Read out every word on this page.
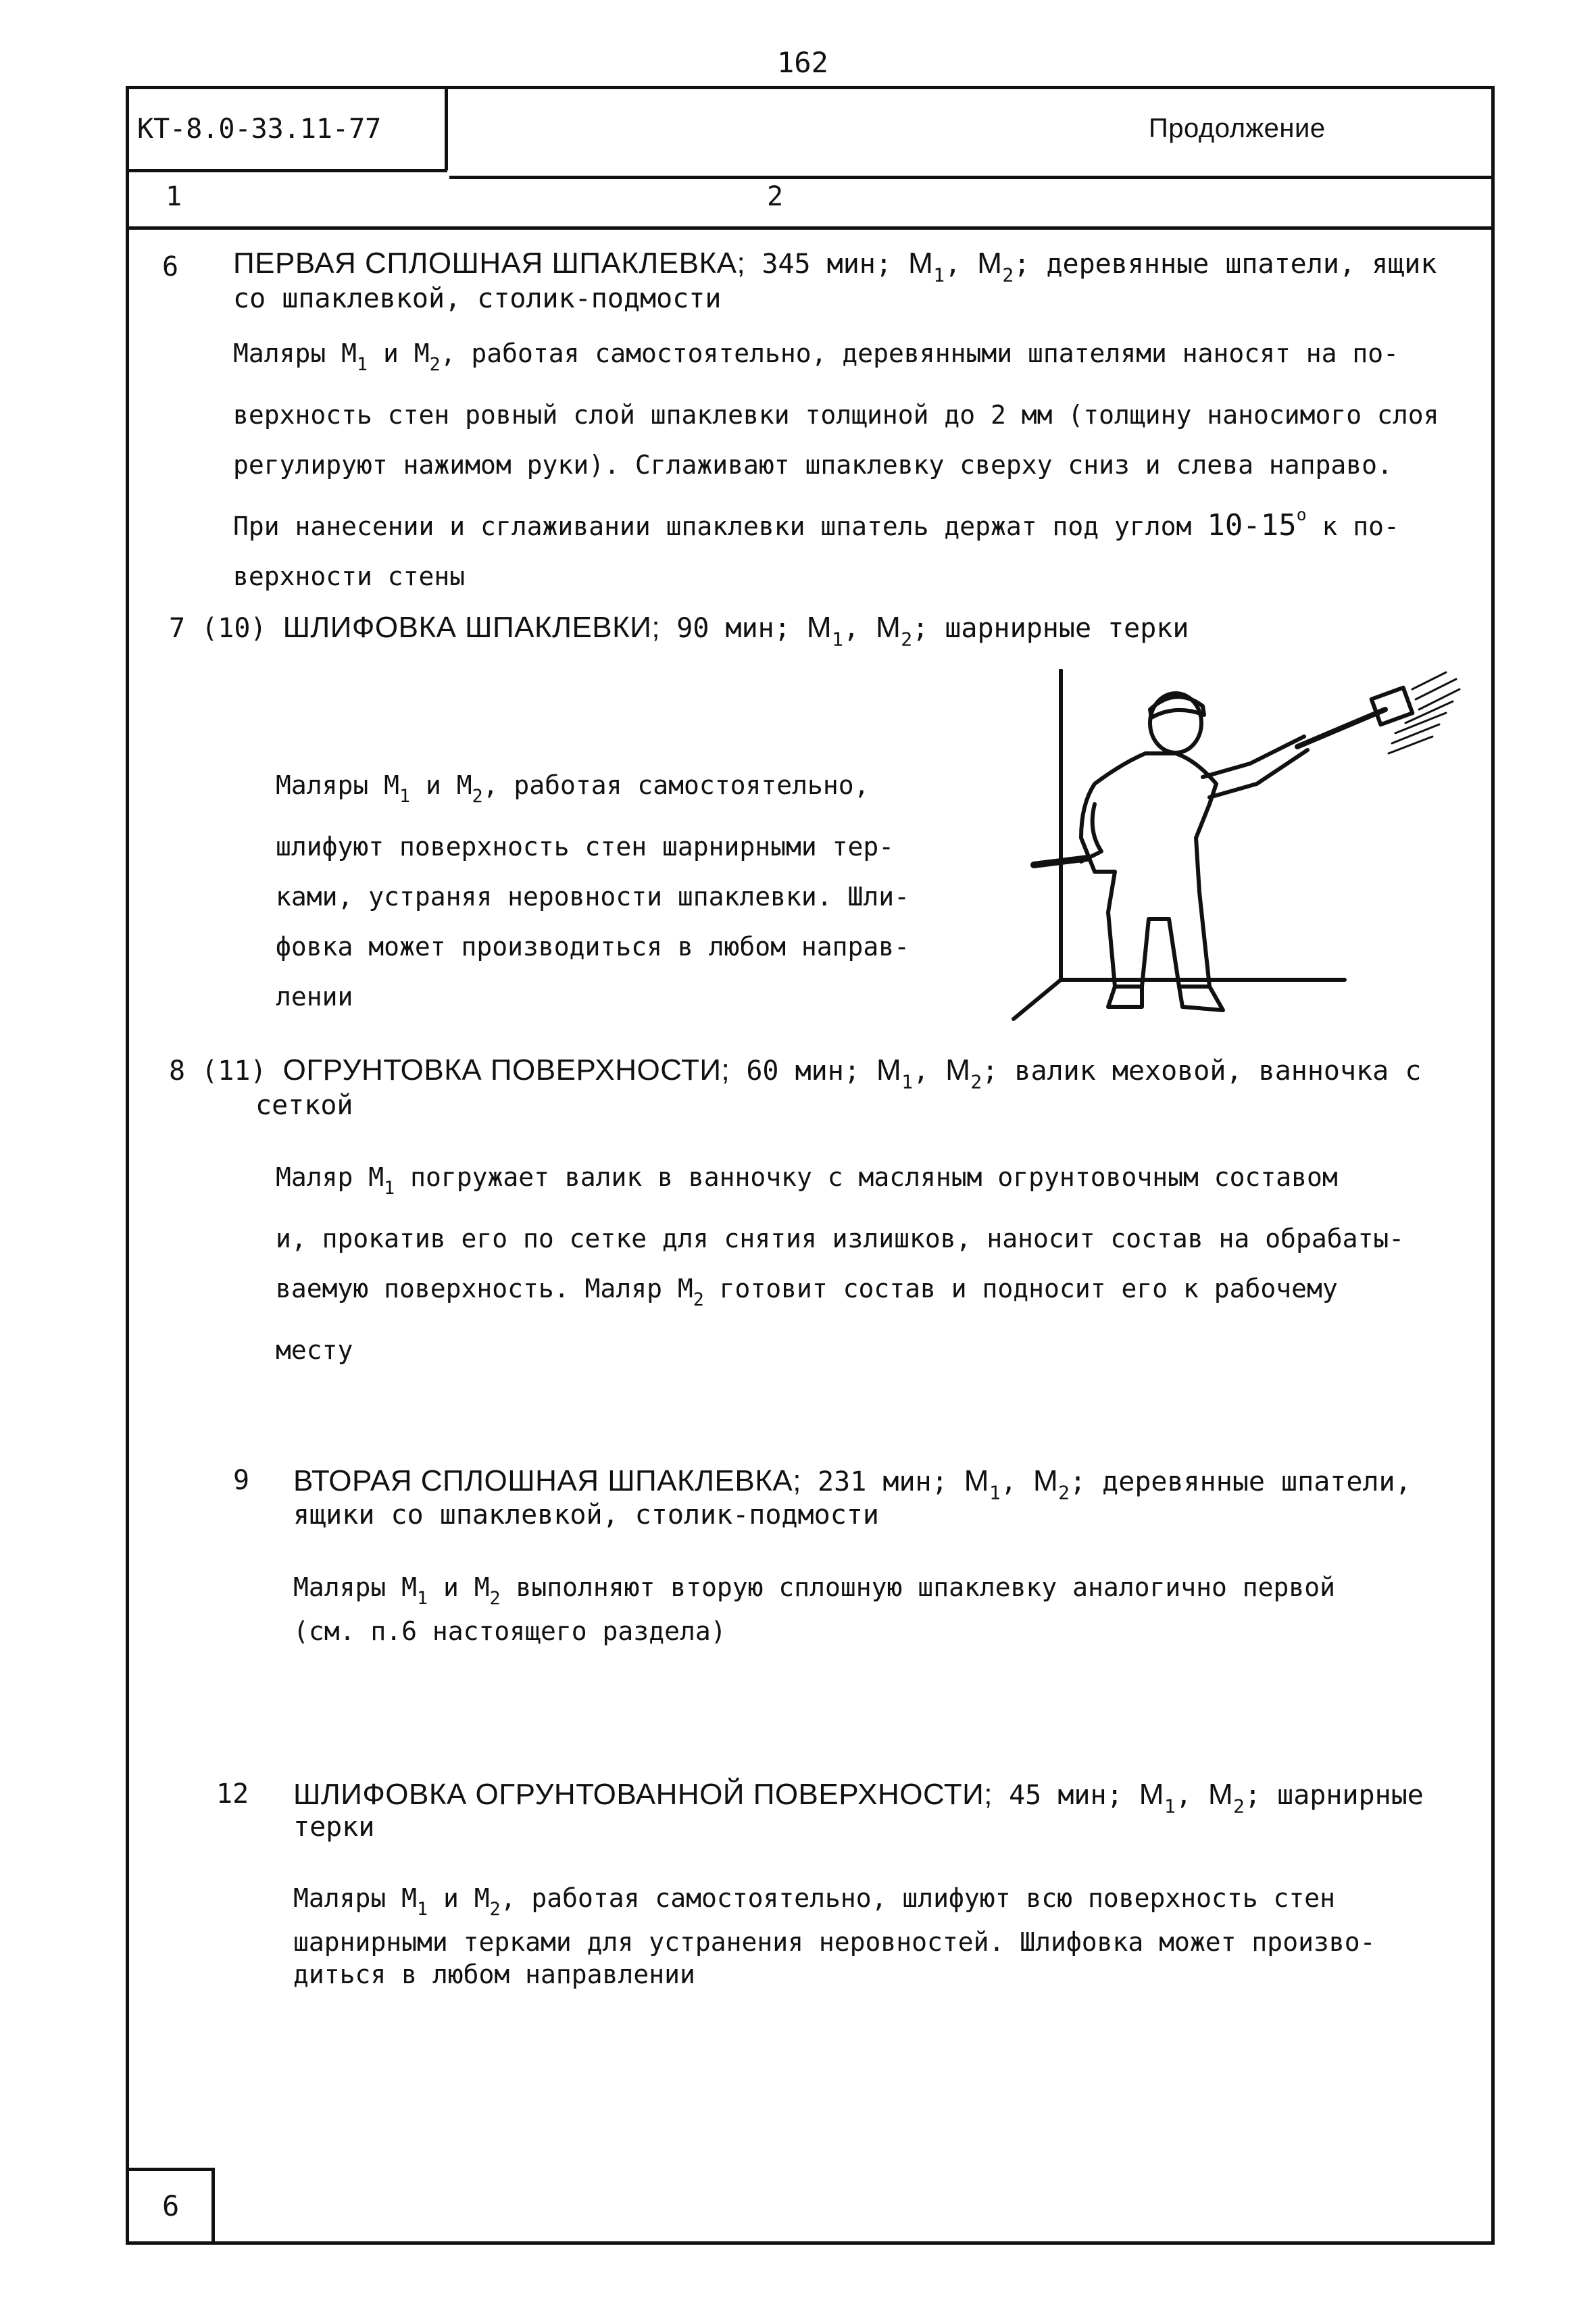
162
КТ-8.0-33.11-77	Продолжение
1	2
6 ПЕРВАЯ СПЛОШНАЯ ШПАКЛЕВКА; 345 мин; $М_1$, $М_2$; деревянные шпатели, ящик
со шпаклевкой, столик-подмости
Маляры $М_1$ и $М_2$, работая самостоятельно, деревянными шпателями наносят на по-
верхность стен ровный слой шпаклевки толщиной до 2 мм (толщину наносимого слоя
регулируют нажимом руки). Сглаживают шпаклевку сверху сниз и слева направо.
При нанесении и сглаживании шпаклевки шпатель держат под углом $10-15^о$ к по-
верхности стены
7 (10) ШЛИФОВКА ШПАКЛЕВКИ; 90 мин; $М_1$, $М_2$; шарнирные терки
Маляры $М_1$ и $М_2$, работая самостоятельно,
шлифуют поверхность стен шарнирными тер-
ками, устраняя неровности шпаклевки. Шли-
фовка может производиться в любом направ-
лении
8 (11) ОГРУНТОВКА ПОВЕРХНОСТИ; 60 мин; $М_1$, $М_2$; валик меховой, ванночка с
сеткой
Маляр $М_1$ погружает валик в ванночку с масляным огрунтовочным составом
и, прокатив его по сетке для снятия излишков, наносит состав на обрабаты-
ваемую поверхность. Маляр $М_2$ готовит состав и подносит его к рабочему
месту
9 ВТОРАЯ СПЛОШНАЯ ШПАКЛЕВКА; 231 мин; $М_1$, $М_2$; деревянные шпатели,
ящики со шпаклевкой, столик-подмости
Маляры $М_1$ и $М_2$ выполняют вторую сплошную шпаклевку аналогично первой
(см. п.6 настоящего раздела)
12 ШЛИФОВКА ОГРУНТОВАННОЙ ПОВЕРХНОСТИ; 45 мин; $М_1$, $М_2$; шарнирные
терки
Маляры $М_1$ и $М_2$, работая самостоятельно, шлифуют всю поверхность стен
шарнирными терками для устранения неровностей. Шлифовка может произво-
диться в любом направлении
6
